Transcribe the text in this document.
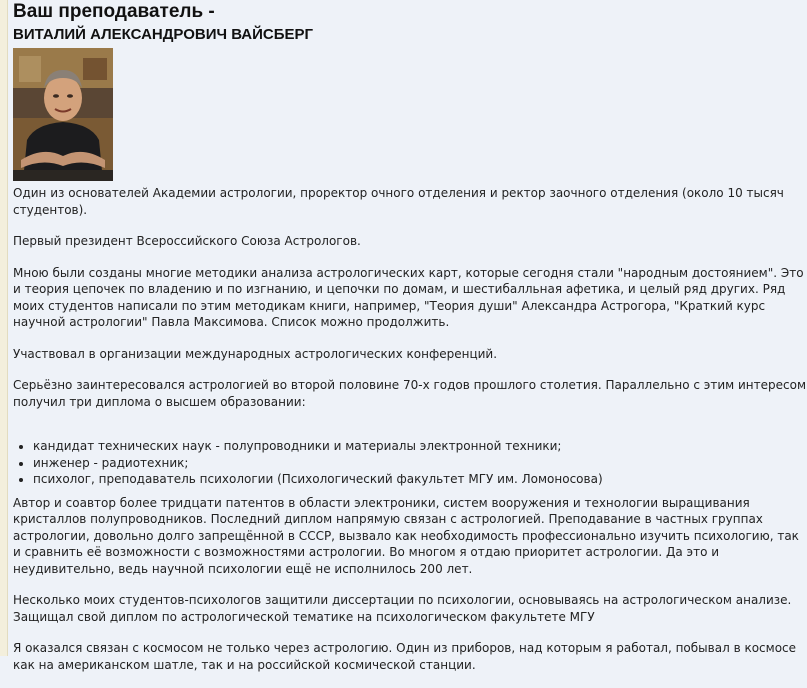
Ваш преподаватель -
ВИТАЛИЙ АЛЕКСАНДРОВИЧ ВАЙСБЕРГ

Один из основателей Академии астрологии, проректор очного отделения и ректор заочного отделения (около 10 тысяч студентов).

Первый президент Всероссийского Союза Астрологов.

Мною были созданы многие методики анализа астрологических карт, которые сегодня стали "народным достоянием". Это и теория цепочек по владению и по изгнанию, и цепочки по домам, и шестибалльная афетика, и целый ряд других. Ряд моих студентов написали по этим методикам книги, например, "Теория души" Александра Астрогора, "Краткий курс научной астрологии" Павла Максимова. Список можно продолжить.

Участвовал в организации международных астрологических конференций.

Серьёзно заинтересовался астрологией во второй половине 70-х годов прошлого столетия. Параллельно с этим интересом получил три диплома о высшем образовании:

• кандидат технических наук - полупроводники и материалы электронной техники;
• инженер - радиотехник;
• психолог, преподаватель психологии (Психологический факультет МГУ им. Ломоносова)

Автор и соавтор более тридцати патентов в области электроники, систем вооружения и технологии выращивания кристаллов полупроводников. Последний диплом напрямую связан с астрологией. Преподавание в частных группах астрологии, довольно долго запрещённой в СССР, вызвало как необходимость профессионально изучить психологию, так и сравнить её возможности с возможностями астрологии. Во многом я отдаю приоритет астрологии. Да это и неудивительно, ведь научной психологии ещё не исполнилось 200 лет.

Несколько моих студентов-психологов защитили диссертации по психологии, основываясь на астрологическом анализе. Защищал свой диплом по астрологической тематике на психологическом факультете МГУ

Я оказался связан с космосом не только через астрологию. Один из приборов, над которым я работал, побывал в космосе как на американском шатле, так и на российской космической станции.
